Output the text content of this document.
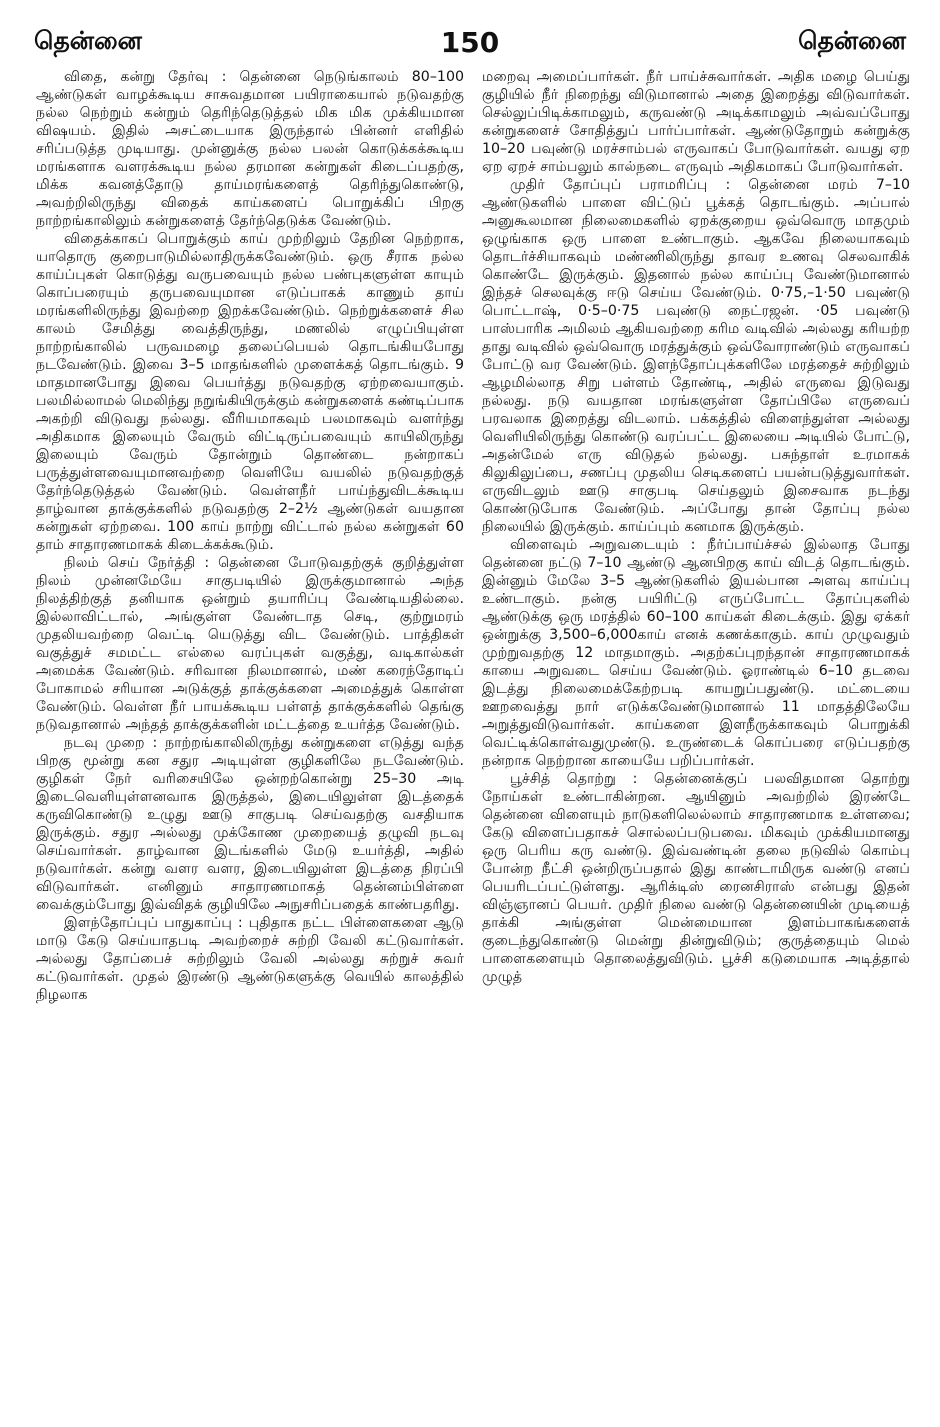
தென்னை	150	தென்னை

விதை, கன்று தேர்வு : தென்னை நெடுங்காலம் 80–100 ஆண்டுகள் வாழக்கூடிய சாசுவதமான பயிராகையால் நடுவதற்கு நல்ல நெற்றும் கன்றும் தெரிந்தெடுத்தல் மிக மிக முக்கியமான விஷயம். இதில் அசட்டையாக இருந்தால் பின்னர் எளிதில் சரிப்படுத்த முடியாது. முன்னுக்கு நல்ல பலன் கொடுக்கக்கூடிய மரங்களாக வளரக்கூடிய நல்ல தரமான கன்றுகள் கிடைப்பதற்கு, மிக்க கவனத்தோடு தாய்மரங்களைத் தெரிந்துகொண்டு, அவற்றிலிருந்து விதைக் காய்களைப் பொறுக்கிப் பிறகு நாற்றங்காலிலும் கன்றுகளைத் தேர்ந்தெடுக்க வேண்டும்.

விதைக்காகப் பொறுக்கும் காய் முற்றிலும் தேறின நெற்றாக, யாதொரு குறைபாடுமில்லாதிருக்கவேண்டும். ஒரு சீராக நல்ல காய்ப்புகள் கொடுத்து வருபவையும் நல்ல பண்புகளுள்ள காயும் கொப்பரையும் தருபவையுமான எடுப்பாகக் காணும் தாய் மரங்களிலிருந்து இவற்றை இறக்கவேண்டும். நெற்றுக்களைச் சில காலம் சேமித்து வைத்திருந்து, மணலில் எழுப்பியுள்ள நாற்றங்காலில் பருவமழை தலைப்பெயல் தொடங்கியபோது நடவேண்டும். இவை 3–5 மாதங்களில் முளைக்கத் தொடங்கும். 9 மாதமானபோது இவை பெயர்த்து நடுவதற்கு ஏற்றவையாகும். பலமில்லாமல் மெலிந்து நறுங்கியிருக்கும் கன்றுகளைக் கண்டிப்பாக அகற்றி விடுவது நல்லது. வீரியமாகவும் பலமாகவும் வளர்ந்து அதிகமாக இலையும் வேரும் விட்டிருப்பவையும் காயிலிருந்து இலையும் வேரும் தோன்றும் தொண்டை நன்றாகப் பருத்துள்ளவையுமானவற்றை வெளியே வயலில் நடுவதற்குத் தேர்ந்தெடுத்தல் வேண்டும். வெள்ளநீர் பாய்ந்துவிடக்கூடிய தாழ்வான தாக்குக்களில் நடுவதற்கு 2–2½ ஆண்டுகள் வயதான கன்றுகள் ஏற்றவை. 100 காய் நாற்று விட்டால் நல்ல கன்றுகள் 60 தாம் சாதாரணமாகக் கிடைக்கக்கூடும்.

நிலம் செய் நேர்த்தி : தென்னை போடுவதற்குக் குறித்துள்ள நிலம் முன்னமேயே சாகுபடியில் இருக்குமானால் அந்த நிலத்திற்குத் தனியாக ஒன்றும் தயாரிப்பு வேண்டியதில்லை. இல்லாவிட்டால், அங்குள்ள வேண்டாத செடி, குற்றுமரம் முதலியவற்றை வெட்டி யெடுத்து விட வேண்டும். பாத்திகள் வகுத்துச் சமமட்ட எல்லை வரப்புகள் வகுத்து, வடிகால்கள் அமைக்க வேண்டும். சரிவான நிலமானால், மண் கரைந்தோடிப் போகாமல் சரியான அடுக்குத் தாக்குக்களை அமைத்துக் கொள்ள வேண்டும். வெள்ள நீர் பாயக்கூடிய பள்ளத் தாக்குக்களில் தெங்கு நடுவதானால் அந்தத் தாக்குக்களின் மட்டத்தை உயர்த்த வேண்டும்.

நடவு முறை : நாற்றங்காலிலிருந்து கன்றுகளை எடுத்து வந்த பிறகு மூன்று கன சதுர அடியுள்ள குழிகளிலே நடவேண்டும். குழிகள் நேர் வரிசையிலே ஒன்றற்கொன்று 25–30 அடி இடைவெளியுள்ளனவாக இருத்தல், இடையிலுள்ள இடத்தைக் கருவிகொண்டு உழுது ஊடு சாகுபடி செய்வதற்கு வசதியாக இருக்கும். சதுர அல்லது முக்கோண முறையைத் தழுவி நடவு செய்வார்கள். தாழ்வான இடங்களில் மேடு உயர்த்தி, அதில் நடுவார்கள். கன்று வளர வளர, இடையிலுள்ள இடத்தை நிரப்பி விடுவார்கள். எனினும் சாதாரணமாகத் தென்னம்பிள்ளை வைக்கும்போது இவ்விதக் குழியிலே அநுசரிப்பதைக் காண்பதரிது.

இளந்தோப்புப் பாதுகாப்பு : புதிதாக நட்ட பிள்ளைகளை ஆடு மாடு கேடு செய்யாதபடி அவற்றைச் சுற்றி வேலி கட்டுவார்கள். அல்லது தோப்பைச் சுற்றிலும் வேலி அல்லது சுற்றுச் சுவர் கட்டுவார்கள். முதல் இரண்டு ஆண்டுகளுக்கு வெயில் காலத்தில் நிழலாக

மறைவு அமைப்பார்கள். நீர் பாய்ச்சுவார்கள். அதிக மழை பெய்து குழியில் நீர் நிறைந்து விடுமானால் அதை இறைத்து விடுவார்கள். செல்லுப்பிடிக்காமலும், கருவண்டு அடிக்காமலும் அவ்வப்போது கன்றுகளைச் சோதித்துப் பார்ப்பார்கள். ஆண்டுதோறும் கன்றுக்கு 10–20 பவுண்டு மரச்சாம்பல் எருவாகப் போடுவார்கள். வயது ஏற ஏற ஏறச் சாம்பலும் கால்நடை எருவும் அதிகமாகப் போடுவார்கள்.

முதிர் தோப்புப் பராமரிப்பு : தென்னை மரம் 7–10 ஆண்டுகளில் பாளை விட்டுப் பூக்கத் தொடங்கும். அப்பால் அனுகூலமான நிலைமைகளில் ஏறக்குறைய ஒவ்வொரு மாதமும் ஒழுங்காக ஒரு பாளை உண்டாகும். ஆகவே நிலையாகவும் தொடர்ச்சியாகவும் மண்ணிலிருந்து தாவர உணவு செலவாகிக் கொண்டே இருக்கும். இதனால் நல்ல காய்ப்பு வேண்டுமானால் இந்தச் செலவுக்கு ஈடு செய்ய வேண்டும். 0·75,–1·50 பவுண்டு பொட்டாஷ், 0·5–0·75 பவுண்டு நைட்ரஜன். ·05 பவுண்டு பாஸ்பாரிக அமிலம் ஆகியவற்றை கரிம வடிவில் அல்லது கரியற்ற தாது வடிவில் ஒவ்வொரு மரத்துக்கும் ஒவ்வோராண்டும் எருவாகப் போட்டு வர வேண்டும். இளந்தோப்புக்களிலே மரத்தைச் சுற்றிலும் ஆழமில்லாத சிறு பள்ளம் தோண்டி, அதில் எருவை இடுவது நல்லது. நடு வயதான மரங்களுள்ள தோப்பிலே எருவைப் பரவலாக இறைத்து விடலாம். பக்கத்தில் விளைந்துள்ள அல்லது வெளியிலிருந்து கொண்டு வரப்பட்ட இலையை அடியில் போட்டு, அதன்மேல் எரு விடுதல் நல்லது. பசுந்தாள் உரமாகக் கிலுகிலுப்பை, சணப்பு முதலிய செடிகளைப் பயன்படுத்துவார்கள். எருவிடலும் ஊடு சாகுபடி செய்தலும் இசைவாக நடந்து கொண்டுபோக வேண்டும். அப்போது தான் தோப்பு நல்ல நிலையில் இருக்கும். காய்ப்பும் கனமாக இருக்கும்.

விளைவும் அறுவடையும் : நீர்ப்பாய்ச்சல் இல்லாத போது தென்னை நட்டு 7–10 ஆண்டு ஆனபிறகு காய் விடத் தொடங்கும். இன்னும் மேலே 3–5 ஆண்டுகளில் இயல்பான அளவு காய்ப்பு உண்டாகும். நன்கு பயிரிட்டு எருப்போட்ட தோப்புகளில் ஆண்டுக்கு ஒரு மரத்தில் 60–100 காய்கள் கிடைக்கும். இது ஏக்கர் ஒன்றுக்கு 3,500–6,000காய் எனக் கணக்காகும். காய் முழுவதும் முற்றுவதற்கு 12 மாதமாகும். அதற்கப்புறந்தான் சாதாரணமாகக் காயை அறுவடை செய்ய வேண்டும். ஓராண்டில் 6–10 தடவை இடத்து நிலைமைக்கேற்றபடி காயறுப்பதுண்டு. மட்டையை ஊறவைத்து நார் எடுக்கவேண்டுமானால் 11 மாதத்திலேயே அறுத்துவிடுவார்கள். காய்களை இளநீருக்காகவும் பொறுக்கி வெட்டிக்கொள்வதுமுண்டு. உருண்டைக் கொப்பரை எடுப்பதற்கு நன்றாக நெற்றான காயையே பறிப்பார்கள்.

பூச்சித் தொற்று : தென்னைக்குப் பலவிதமான தொற்று நோய்கள் உண்டாகின்றன. ஆயினும் அவற்றில் இரண்டே தென்னை விளையும் நாடுகளிலெல்லாம் சாதாரணமாக உள்ளவை; கேடு விளைப்பதாகச் சொல்லப்படுபவை. மிகவும் முக்கியமானது ஒரு பெரிய கரு வண்டு. இவ்வண்டின் தலை நடுவில் கொம்பு போன்ற நீட்சி ஒன்றிருப்பதால் இது காண்டாமிருக வண்டு எனப் பெயரிடப்பட்டுள்ளது. ஆரிக்டிஸ் ரைனசிராஸ் என்பது இதன் விஞ்ஞானப் பெயர். முதிர் நிலை வண்டு தென்னையின் முடியைத் தாக்கி அங்குள்ள மென்மையான இளம்பாகங்களைக் குடைந்துகொண்டு மென்று தின்றுவிடும்; குருத்தையும் மெல் பாளைகளையும் தொலைத்துவிடும். பூச்சி கடுமையாக அடித்தால் முழுத்
